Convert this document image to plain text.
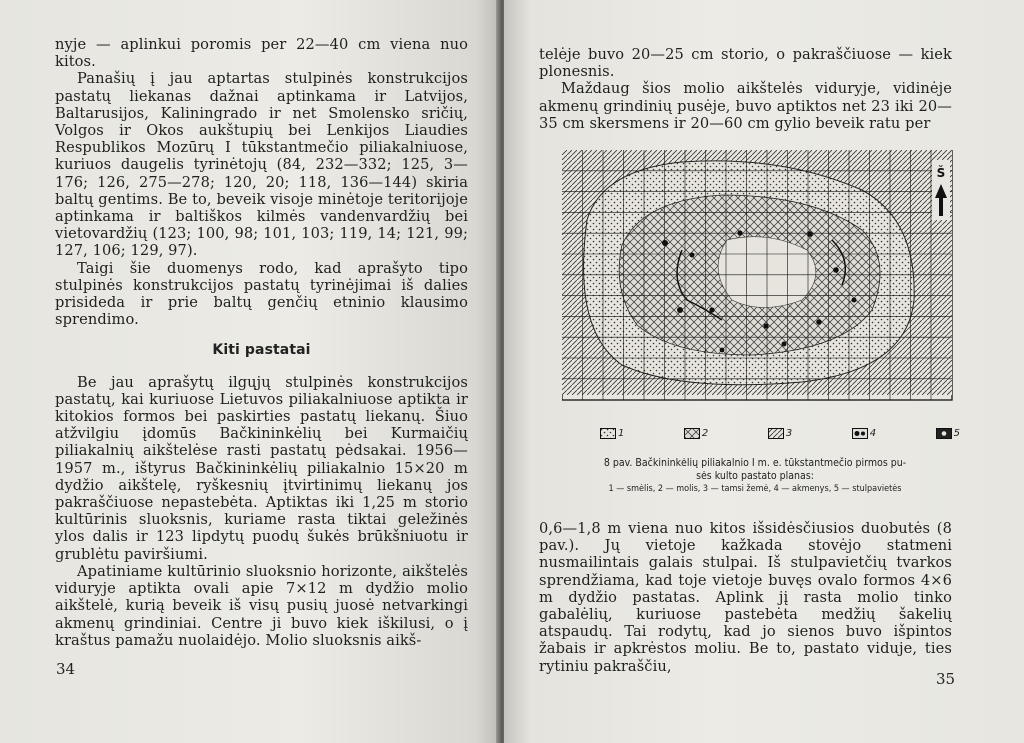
nyje — aplinkui poromis per 22—40 cm viena nuo kitos.

Panašių į jau aptartas stulpinės konstrukcijos pastatų liekanas dažnai aptinkama ir Latvijos, Baltarusijos, Kaliningrado ir net Smolensko sričių, Volgos ir Okos aukštupių bei Lenkijos Liaudies Respublikos Mozūrų I tūkstantmečio piliakalniuose, kuriuos daugelis tyrinėtojų (84, 232—332; 125, 3—176; 126, 275—278; 120, 20; 118, 136—144) skiria baltų gentims. Be to, beveik visoje minėtoje teritorijoje aptinkama ir baltiškos kilmės vandenvardžių bei vietovardžių (123; 100, 98; 101, 103; 119, 14; 121, 99; 127, 106; 129, 97).

Taigi šie duomenys rodo, kad aprašyto tipo stulpinės konstrukcijos pastatų tyrinėjimai iš dalies prisideda ir prie baltų genčių etninio klausimo sprendimo.

Kiti pastatai

Be jau aprašytų ilgųjų stulpinės konstrukcijos pastatų, kai kuriuose Lietuvos piliakalniuose aptikta ir kitokios formos bei paskirties pastatų liekanų. Šiuo atžvilgiu įdomūs Bačkininkėlių bei Kurmaičių piliakalnių aikštelėse rasti pastatų pėdsakai. 1956—1957 m., ištyrus Bačkininkėlių piliakalnio 15×20 m dydžio aikštelę, ryškesnių įtvirtinimų liekanų jos pakraščiuose nepastebėta. Aptiktas iki 1,25 m storio kultūrinis sluoksnis, kuriame rasta tiktai geležinės ylos dalis ir 123 lipdytų puodų šukės brūkšniuotu ir grublėtu paviršiumi.

Apatiniame kultūrinio sluoksnio horizonte, aikštelės viduryje aptikta ovali apie 7×12 m dydžio molio aikštelė, kurią beveik iš visų pusių juosė netvarkingi akmenų grindiniai. Centre ji buvo kiek iškilusi, o į kraštus pamažu nuolaidėjo. Molio sluoksnis aikš-

34

telėje buvo 20—25 cm storio, o pakraščiuose — kiek plonesnis.

Maždaug šios molio aikštelės viduryje, vidinėje akmenų grindinių pusėje, buvo aptiktos net 23 iki 20—35 cm skersmens ir 20—60 cm gylio beveik ratu per

Š
8 pav. Bačkininkėlių piliakalnio I m. e. tūkstantmečio pirmos pu-
sės kulto pastato planas:
1 — smėlis, 2 — molis, 3 — tamsi žemė, 4 — akmenys, 5 — stulpavietės

0,6—1,8 m viena nuo kitos išsidėsčiusios duobutės (8 pav.). Jų vietoje kažkada stovėjo statmeni nusmailintais galais stulpai. Iš stulpavietčių tvarkos sprendžiama, kad toje vietoje buvęs ovalo formos 4×6 m dydžio pastatas. Aplink jį rasta molio tinko gabalėlių, kuriuose pastebėta medžių šakelių atspaudų. Tai rodytų, kad jo sienos buvo išpintos žabais ir apkrėstos moliu. Be to, pastato viduje, ties rytiniu pakraščiu,

35
1	2	3	4	5
